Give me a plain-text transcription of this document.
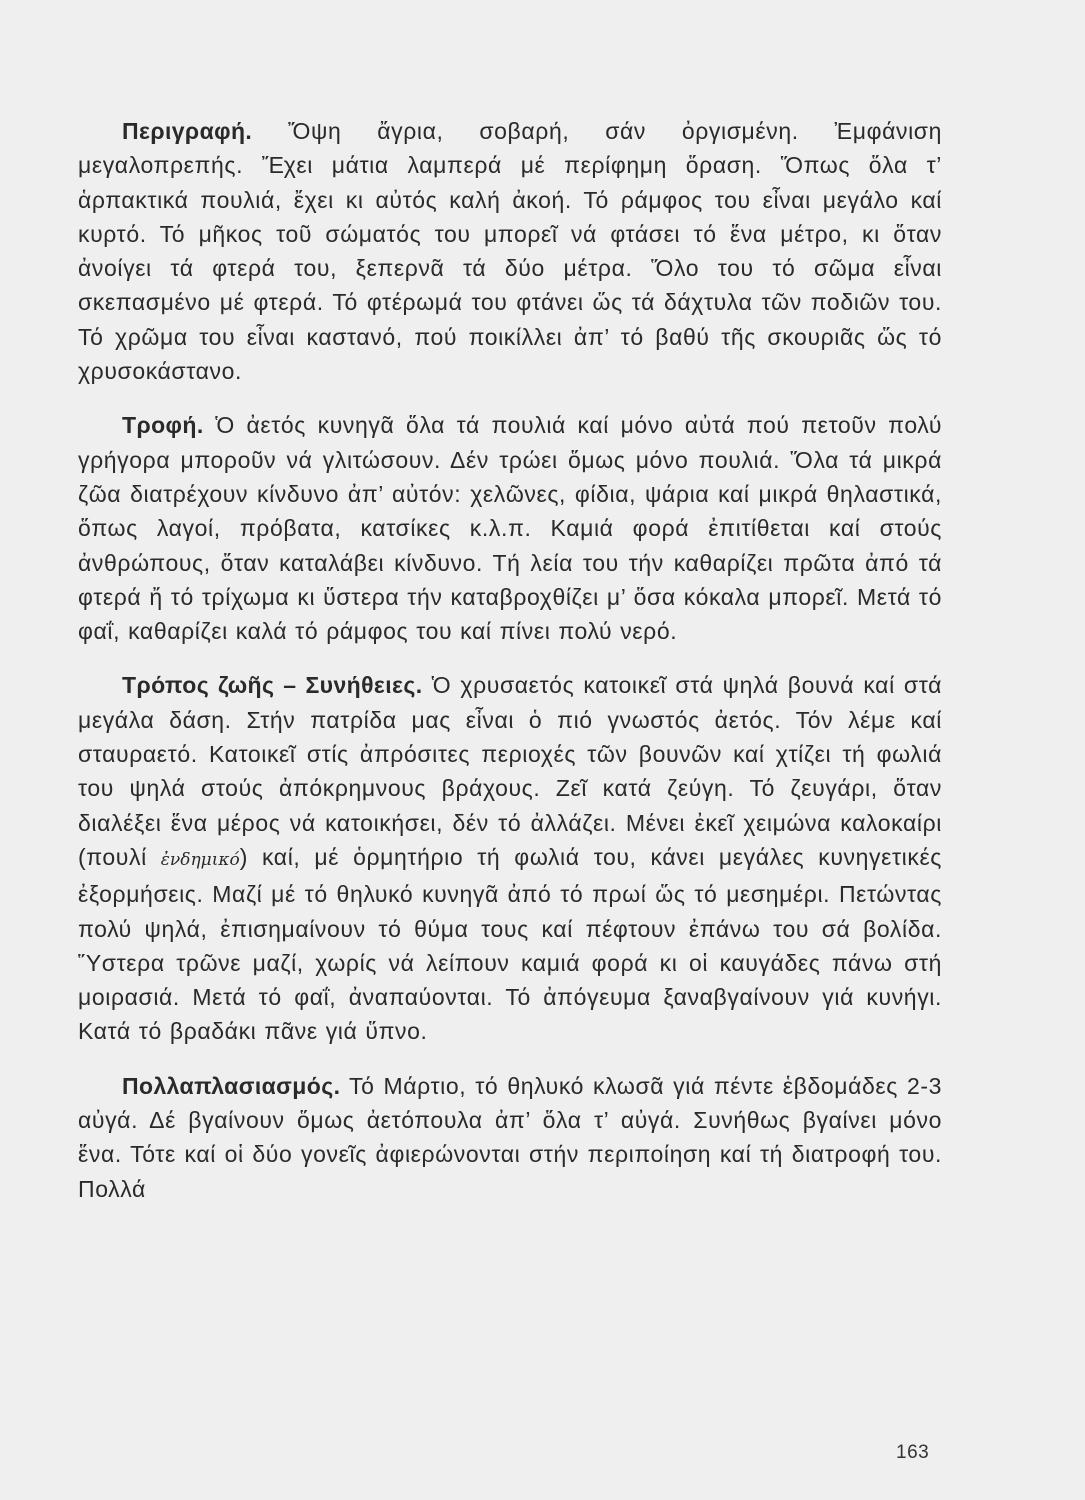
Περιγραφή. Ὄψη ἄγρια, σοβαρή, σάν ὀργισμένη. Ἐμφάνιση μεγαλοπρεπής. Ἔχει μάτια λαμπερά μέ περίφημη ὅραση. Ὅπως ὅλα τ’ ἁρπακτικά πουλιά, ἔχει κι αὐτός καλή ἀκοή. Τό ράμφος του εἶναι μεγάλο καί κυρτό. Τό μῆκος τοῦ σώματός του μπορεῖ νά φτάσει τό ἕνα μέτρο, κι ὅταν ἀνοίγει τά φτερά του, ξεπερνᾶ τά δύο μέτρα. Ὅλο του τό σῶμα εἶναι σκεπασμένο μέ φτερά. Τό φτέρωμά του φτάνει ὥς τά δάχτυλα τῶν ποδιῶν του. Τό χρῶμα του εἶναι καστανό, πού ποικίλλει ἀπ’ τό βαθύ τῆς σκουριᾶς ὥς τό χρυσοκάστανο.

Τροφή. Ὁ ἀετός κυνηγᾶ ὅλα τά πουλιά καί μόνο αὐτά πού πετοῦν πολύ γρήγορα μποροῦν νά γλιτώσουν. Δέν τρώει ὅμως μόνο πουλιά. Ὅλα τά μικρά ζῶα διατρέχουν κίνδυνο ἀπ’ αὐτόν: χελῶνες, φίδια, ψάρια καί μικρά θηλαστικά, ὅπως λαγοί, πρόβατα, κατσίκες κ.λ.π. Καμιά φορά ἐπιτίθεται καί στούς ἀνθρώπους, ὅταν καταλάβει κίνδυνο. Τή λεία του τήν καθαρίζει πρῶτα ἀπό τά φτερά ἤ τό τρίχωμα κι ὕστερα τήν καταβροχθίζει μ’ ὅσα κόκαλα μπορεῖ. Μετά τό φαΐ, καθαρίζει καλά τό ράμφος του καί πίνει πολύ νερό.

Τρόπος ζωῆς – Συνήθειες. Ὁ χρυσαετός κατοικεῖ στά ψηλά βουνά καί στά μεγάλα δάση. Στήν πατρίδα μας εἶναι ὁ πιό γνωστός ἀετός. Τόν λέμε καί σταυραετό. Κατοικεῖ στίς ἀπρόσιτες περιοχές τῶν βουνῶν καί χτίζει τή φωλιά του ψηλά στούς ἀπόκρημνους βράχους. Ζεῖ κατά ζεύγη. Τό ζευγάρι, ὅταν διαλέξει ἕνα μέρος νά κατοικήσει, δέν τό ἀλλάζει. Μένει ἐκεῖ χειμώνα καλοκαίρι (πουλί ἐνδημικό) καί, μέ ὁρμητήριο τή φωλιά του, κάνει μεγάλες κυνηγετικές ἐξορμήσεις. Μαζί μέ τό θηλυκό κυνηγᾶ ἀπό τό πρωί ὥς τό μεσημέρι. Πετώντας πολύ ψηλά, ἐπισημαίνουν τό θύμα τους καί πέφτουν ἐπάνω του σά βολίδα. Ὕστερα τρῶνε μαζί, χωρίς νά λείπουν καμιά φορά κι οἱ καυγάδες πάνω στή μοιρασιά. Μετά τό φαΐ, ἀναπαύονται. Τό ἀπόγευμα ξαναβγαίνουν γιά κυνήγι. Κατά τό βραδάκι πᾶνε γιά ὕπνο.

Πολλαπλασιασμός. Τό Μάρτιο, τό θηλυκό κλωσᾶ γιά πέντε ἑβδομάδες 2-3 αὐγά. Δέ βγαίνουν ὅμως ἀετόπουλα ἀπ’ ὅλα τ’ αὐγά. Συνήθως βγαίνει μόνο ἕνα. Τότε καί οἱ δύο γονεῖς ἀφιερώνονται στήν περιποίηση καί τή διατροφή του. Πολλά

163
